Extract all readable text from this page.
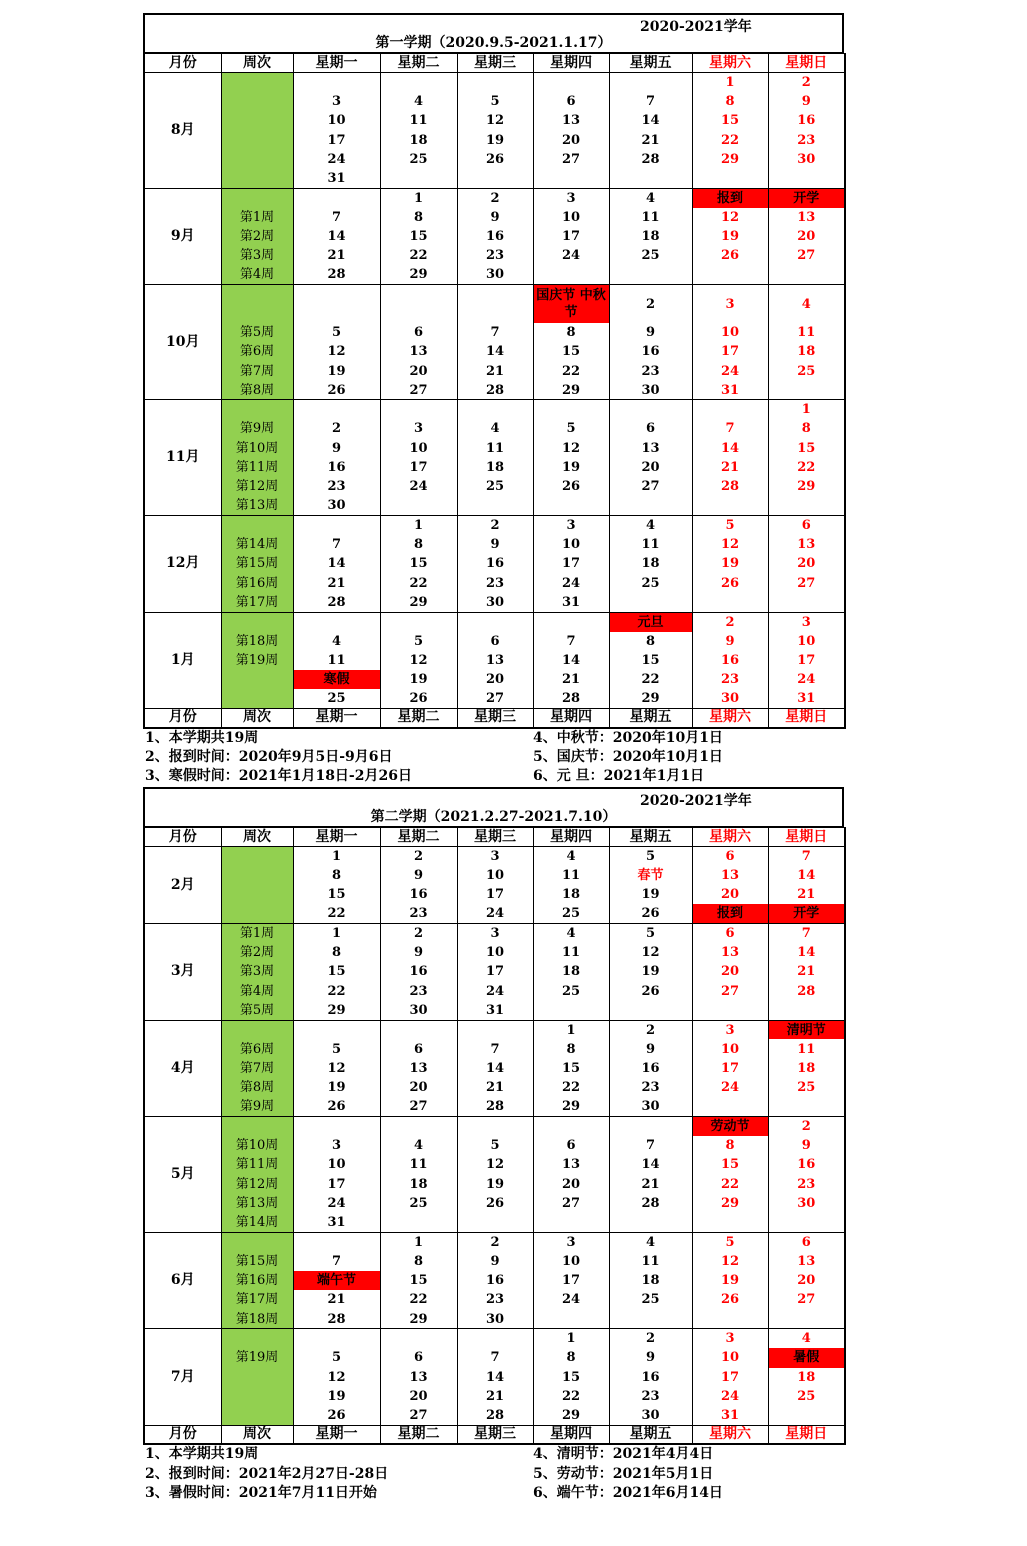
2020-2021学年
第一学期（2020.9.5-2021.1.17）
月份	周次	星期一	星期二	星期三	星期四	星期五	星期六	星期日
8月							1	2
		3	4	5	6	7	8	9
		10	11	12	13	14	15	16
		17	18	19	20	21	22	23
		24	25	26	27	28	29	30
		31						
9月			1	2	3	4	报到	开学
	第1周	7	8	9	10	11	12	13
	第2周	14	15	16	17	18	19	20
	第3周	21	22	23	24	25	26	27
	第4周	28	29	30				
10月					国庆节 中秋节	2	3	4
	第5周	5	6	7	8	9	10	11
	第6周	12	13	14	15	16	17	18
	第7周	19	20	21	22	23	24	25
	第8周	26	27	28	29	30	31	
11月								1
	第9周	2	3	4	5	6	7	8
	第10周	9	10	11	12	13	14	15
	第11周	16	17	18	19	20	21	22
	第12周	23	24	25	26	27	28	29
	第13周	30						
12月			1	2	3	4	5	6
	第14周	7	8	9	10	11	12	13
	第15周	14	15	16	17	18	19	20
	第16周	21	22	23	24	25	26	27
	第17周	28	29	30	31			
1月						元旦	2	3
	第18周	4	5	6	7	8	9	10
	第19周	11	12	13	14	15	16	17
		寒假	19	20	21	22	23	24
		25	26	27	28	29	30	31
月份	周次	星期一	星期二	星期三	星期四	星期五	星期六	星期日
1、本学期共19周
2、报到时间：2020年9月5日-9月6日
3、寒假时间：2021年1月18日-2月26日
4、中秋节：2020年10月1日
5、国庆节：2020年10月1日
6、元 旦：2021年1月1日
2020-2021学年
第二学期（2021.2.27-2021.7.10）
月份	周次	星期一	星期二	星期三	星期四	星期五	星期六	星期日
2月		1	2	3	4	5	6	7
		8	9	10	11	春节	13	14
		15	16	17	18	19	20	21
		22	23	24	25	26	报到	开学
3月	第1周	1	2	3	4	5	6	7
	第2周	8	9	10	11	12	13	14
	第3周	15	16	17	18	19	20	21
	第4周	22	23	24	25	26	27	28
	第5周	29	30	31				
4月					1	2	3	清明节
	第6周	5	6	7	8	9	10	11
	第7周	12	13	14	15	16	17	18
	第8周	19	20	21	22	23	24	25
	第9周	26	27	28	29	30		
5月							劳动节	2
	第10周	3	4	5	6	7	8	9
	第11周	10	11	12	13	14	15	16
	第12周	17	18	19	20	21	22	23
	第13周	24	25	26	27	28	29	30
	第14周	31						
6月			1	2	3	4	5	6
	第15周	7	8	9	10	11	12	13
	第16周	端午节	15	16	17	18	19	20
	第17周	21	22	23	24	25	26	27
	第18周	28	29	30				
7月					1	2	3	4
	第19周	5	6	7	8	9	10	暑假
		12	13	14	15	16	17	18
		19	20	21	22	23	24	25
		26	27	28	29	30	31	
月份	周次	星期一	星期二	星期三	星期四	星期五	星期六	星期日
1、本学期共19周
2、报到时间：2021年2月27日-28日
3、暑假时间：2021年7月11日开始
4、清明节：2021年4月4日
5、劳动节：2021年5月1日
6、端午节：2021年6月14日
